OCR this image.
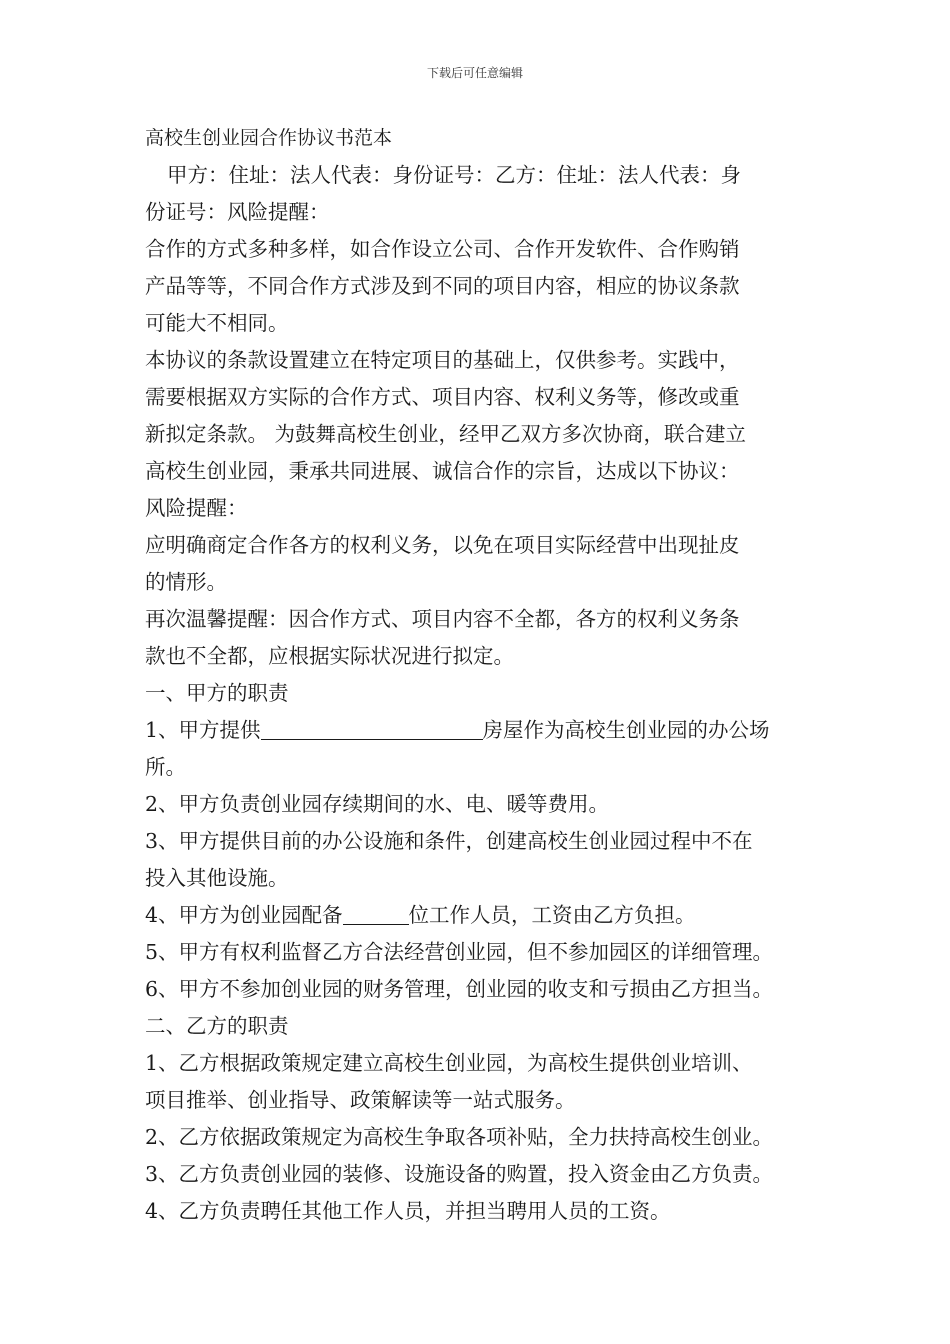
下载后可任意编辑
高校生创业园合作协议书范本
甲方：住址：法人代表：身份证号：乙方：住址：法人代表：身
份证号：风险提醒：
合作的方式多种多样，如合作设立公司、合作开发软件、合作购销
产品等等，不同合作方式涉及到不同的项目内容，相应的协议条款
可能大不相同。
本协议的条款设置建立在特定项目的基础上，仅供参考。实践中，
需要根据双方实际的合作方式、项目内容、权利义务等，修改或重
新拟定条款。 为鼓舞高校生创业，经甲乙双方多次协商，联合建立
高校生创业园，秉承共同进展、诚信合作的宗旨，达成以下协议：
风险提醒：
应明确商定合作各方的权利义务，以免在项目实际经营中出现扯皮
的情形。
再次温馨提醒：因合作方式、项目内容不全都，各方的权利义务条
款也不全都，应根据实际状况进行拟定。
一、甲方的职责
1、甲方提供	房屋作为高校生创业园的办公场
所。
2、甲方负责创业园存续期间的水、电、暖等费用。
3、甲方提供目前的办公设施和条件，创建高校生创业园过程中不在
投入其他设施。
4、甲方为创业园配备	位工作人员，工资由乙方负担。
5、甲方有权利监督乙方合法经营创业园，但不参加园区的详细管理。
6、甲方不参加创业园的财务管理，创业园的收支和亏损由乙方担当。
二、乙方的职责
1、乙方根据政策规定建立高校生创业园，为高校生提供创业培训、
项目推举、创业指导、政策解读等一站式服务。
2、乙方依据政策规定为高校生争取各项补贴，全力扶持高校生创业。
3、乙方负责创业园的装修、设施设备的购置，投入资金由乙方负责。
4、乙方负责聘任其他工作人员，并担当聘用人员的工资。
